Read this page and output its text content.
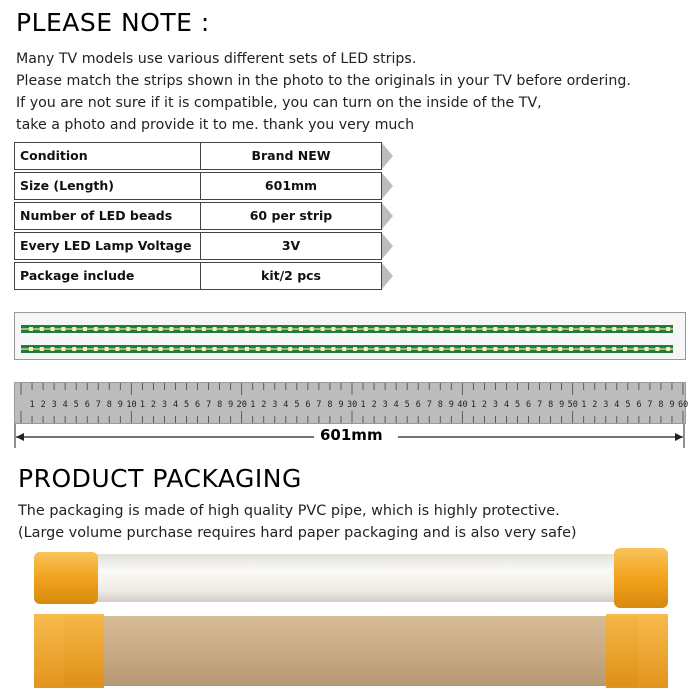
PLEASE NOTE :
Many TV models use various different sets of LED strips.
Please match the strips shown in the photo to the originals in your TV before ordering.
If you are not sure if it is compatible, you can turn on the inside of the TV,
take a photo and provide it to me. thank you very much
Condition	Brand NEW
Size (Length)	601mm
Number of LED beads	60 per strip
Every LED Lamp Voltage	3V
Package include	kit/2 pcs
1 2 3 4 5 6 7 8 9 10 1 2 3 4 5 6 7 8 9 20 1 2 3 4 5 6 7 8 9 30 1 2 3 4 5 6 7 8 9 40 1 2 3 4 5 6 7 8 9 50 1 2 3 4 5 6 7 8 9 60
601mm
PRODUCT PACKAGING
The packaging is made of high quality PVC pipe, which is highly protective.
(Large volume purchase requires hard paper packaging and is also very safe)
